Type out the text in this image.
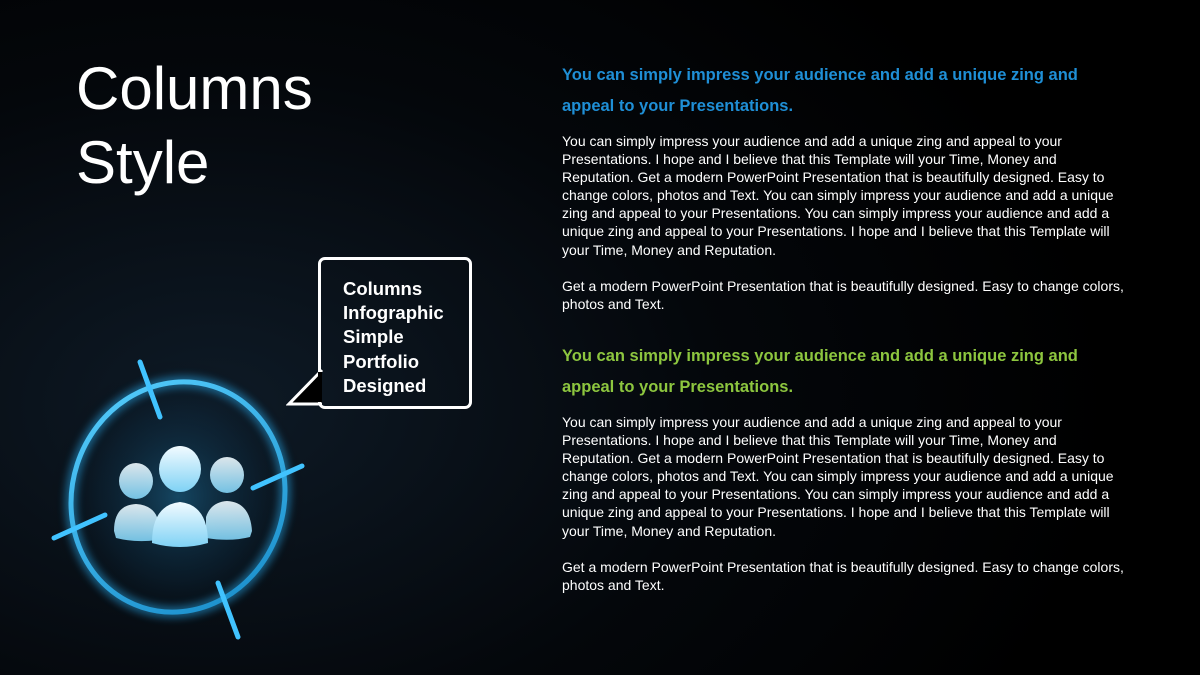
Columns
Style
Columns
Infographic
Simple
Portfolio
Designed
You can simply impress your audience and add a unique zing and
appeal to your Presentations.

You can simply impress your audience and add a unique zing and appeal to your Presentations. I hope and I believe that this Template will your Time, Money and Reputation. Get a modern PowerPoint Presentation that is beautifully designed. Easy to change colors, photos and Text. You can simply impress your audience and add a unique zing and appeal to your Presentations. You can simply impress your audience and add a unique zing and appeal to your Presentations. I hope and I believe that this Template will your Time, Money and Reputation.

Get a modern PowerPoint Presentation that is beautifully designed. Easy to change colors, photos and Text.

You can simply impress your audience and add a unique zing and
appeal to your Presentations.

You can simply impress your audience and add a unique zing and appeal to your Presentations. I hope and I believe that this Template will your Time, Money and Reputation. Get a modern PowerPoint Presentation that is beautifully designed. Easy to change colors, photos and Text. You can simply impress your audience and add a unique zing and appeal to your Presentations. You can simply impress your audience and add a unique zing and appeal to your Presentations. I hope and I believe that this Template will your Time, Money and Reputation.

Get a modern PowerPoint Presentation that is beautifully designed. Easy to change colors, photos and Text.
